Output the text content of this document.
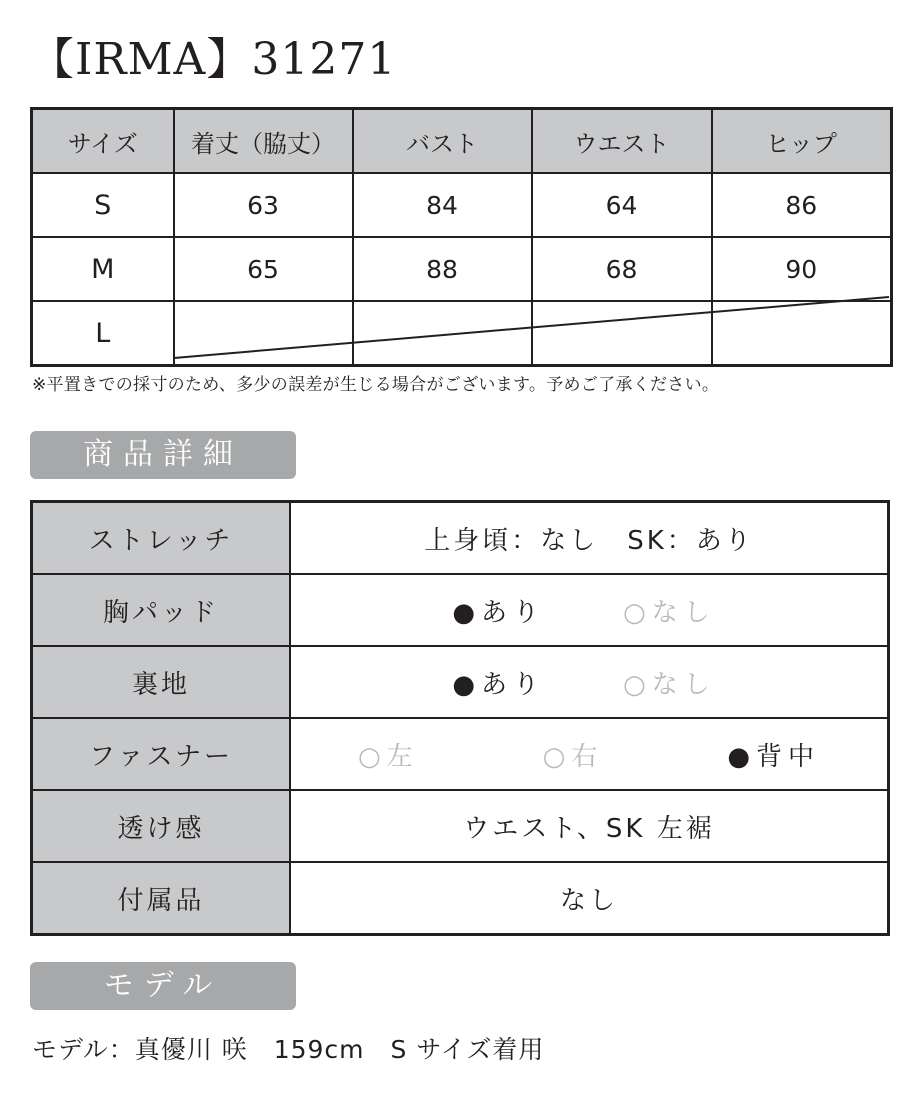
【IRMA】31271
サイズ	着丈（脇丈）	バスト	ウエスト	ヒップ
S	63	84	64	86
M	65	88	68	90
L				
※平置きでの採寸のため、多少の誤差が生じる場合がございます。予めご了承ください。
商品詳細
ストレッチ	上身頃：なし　SK：あり
胸パッド	●あり ○なし

裏地	●あり ○なし

ファスナー	○左 ○右 ●背中

透け感	ウエスト、SK 左裾
付属品	なし
モデル
モデル：真優川 咲　159cm　S サイズ着用
